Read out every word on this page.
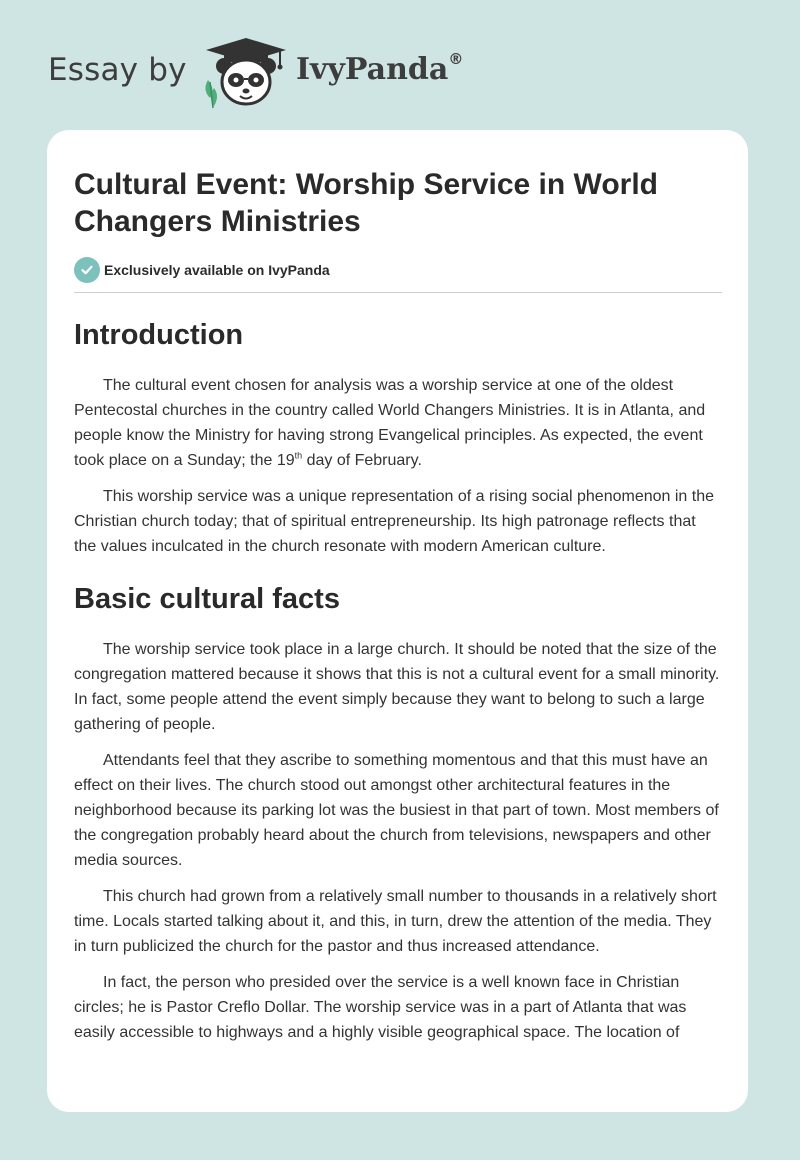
Essay by	IvyPanda®
Cultural Event: Worship Service in World Changers Ministries
Exclusively available on IvyPanda
Introduction

The cultural event chosen for analysis was a worship service at one of the oldest Pentecostal churches in the country called World Changers Ministries. It is in Atlanta, and people know the Ministry for having strong Evangelical principles. As expected, the event took place on a Sunday; the 19th day of February.

This worship service was a unique representation of a rising social phenomenon in the Christian church today; that of spiritual entrepreneurship. Its high patronage reflects that the values inculcated in the church resonate with modern American culture.

Basic cultural facts

The worship service took place in a large church. It should be noted that the size of the congregation mattered because it shows that this is not a cultural event for a small minority. In fact, some people attend the event simply because they want to belong to such a large gathering of people.

Attendants feel that they ascribe to something momentous and that this must have an effect on their lives. The church stood out amongst other architectural features in the neighborhood because its parking lot was the busiest in that part of town. Most members of the congregation probably heard about the church from televisions, newspapers and other media sources.

This church had grown from a relatively small number to thousands in a relatively short time. Locals started talking about it, and this, in turn, drew the attention of the media. They in turn publicized the church for the pastor and thus increased attendance.

In fact, the person who presided over the service is a well known face in Christian circles; he is Pastor Creflo Dollar. The worship service was in a part of Atlanta that was easily accessible to highways and a highly visible geographical space. The location of
